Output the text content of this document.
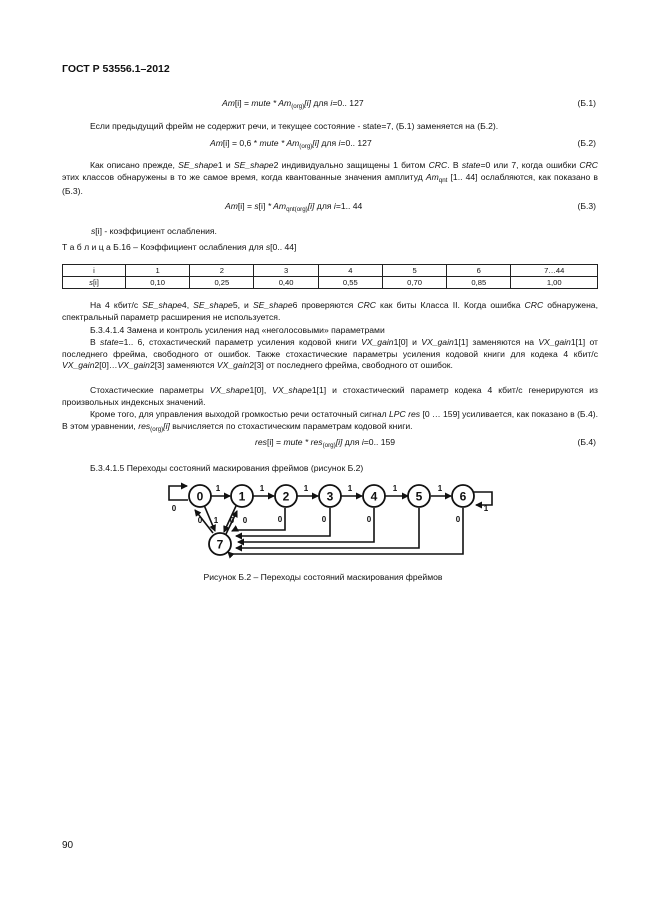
ГОСТ Р 53556.1–2012
Am[i] = mute * $Am_{(org)}[i]$ для i=0.. 127	(Б.1)
Если предыдущий фрейм не содержит речи, и текущее состояние - state=7, (Б.1) заменяется на (Б.2).
Am[i] = 0,6 * mute * $Am_{(org)}[i]$ для i=0.. 127	(Б.2)
Как описано прежде, SE_shape1 и SE_shape2 индивидуально защищены 1 битом CRC. В state=0 или 7, когда ошибки CRC этих классов обнаружены в то же самое время, когда квантованные значения амплитуд $Am_{qnt}$ [1.. 44] ослабляются, как показано в (Б.3).
$Am[i] = s[i] * Am_{qnt(org)}[i]$ для i=1.. 44	(Б.3)
s[i] - коэффициент ослабления.
Т а б л и ц а Б.16 – Коэффициент ослабления для s[0.. 44]
i	1	2	3	4	5	6	7…44
s[i]	0,10	0,25	0,40	0,55	0,70	0,85	1,00
На 4 кбит/с SE_shape4, SE_shape5, и SE_shape6 проверяются CRC как биты Класса II. Когда ошибка CRC обнаружена, спектральный параметр расширения не используется.
Б.3.4.1.4 Замена и контроль усиления над «неголосовыми» параметрами
В state=1.. 6, стохастический параметр усиления кодовой книги VX_gain1[0] и VX_gain1[1] заменяются на VX_gain1[1] от последнего фрейма, свободного от ошибок. Также стохастические параметры усиления кодовой книги для кодека 4 кбит/с VX_gain2[0]…VX_gain2[3] заменяются VX_gain2[3] от последнего фрейма, свободного от ошибок.
Стохастические параметры VX_shape1[0], VX_shape1[1] и стохастический параметр кодека 4 кбит/с генерируются из произвольных индексных значений.
Кроме того, для управления выходой громкостью речи остаточный сигнал LPC res [0 … 159] усиливается, как показано в (Б.4). В этом уравнении, res$_{(org)}$[i] вычисляется по стохастическим параметрам кодовой книги.
res[i] = mute * res$_{(org)}$[i] для i=0.. 159	(Б.4)
Б.3.4.1.5 Переходы состояний маскирования фреймов (рисунок Б.2)
0	1	2	3	4	5	6
7
1	1	1	1	1	1
0	1
0 1 0 0	0	0	0	0
Рисунок Б.2 – Переходы состояний маскирования фреймов
90
